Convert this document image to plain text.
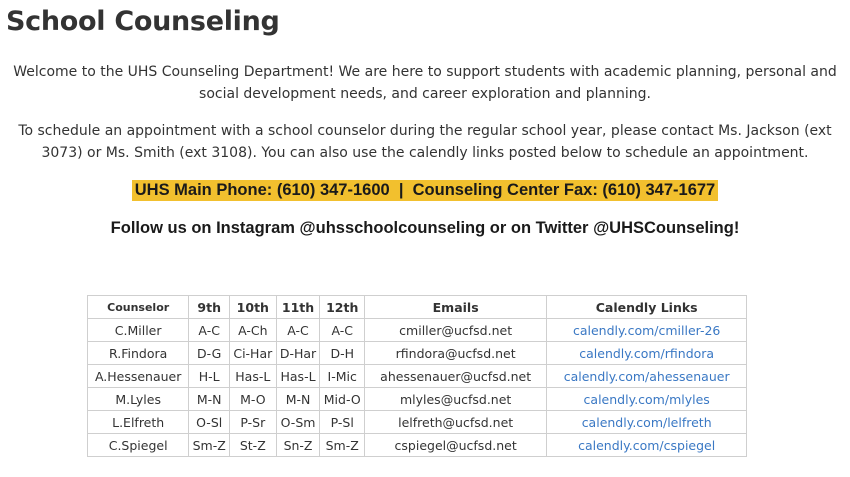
School Counseling

Welcome to the UHS Counseling Department! We are here to support students with academic planning, personal and social development needs, and career exploration and planning.

To schedule an appointment with a school counselor during the regular school year, please contact Ms. Jackson (ext 3073) or Ms. Smith (ext 3108). You can also use the calendly links posted below to schedule an appointment.

UHS Main Phone: (610) 347-1600  |  Counseling Center Fax: (610) 347-1677

Follow us on Instagram @uhsschoolcounseling or on Twitter @UHSCounseling!

Counselor	9th	10th	11th	12th	Emails	Calendly Links
C.Miller	A-C	A-Ch	A-C	A-C	cmiller@ucfsd.net	calendly.com/cmiller-26
R.Findora	D-G	Ci-Har	D-Har	D-H	rfindora@ucfsd.net	calendly.com/rfindora
A.Hessenauer	H-L	Has-L	Has-L	I-Mic	ahessenauer@ucfsd.net	calendly.com/ahessenauer
M.Lyles	M-N	M-O	M-N	Mid-O	mlyles@ucfsd.net	calendly.com/mlyles
L.Elfreth	O-Sl	P-Sr	O-Sm	P-Sl	lelfreth@ucfsd.net	calendly.com/lelfreth
C.Spiegel	Sm-Z	St-Z	Sn-Z	Sm-Z	cspiegel@ucfsd.net	calendly.com/cspiegel
